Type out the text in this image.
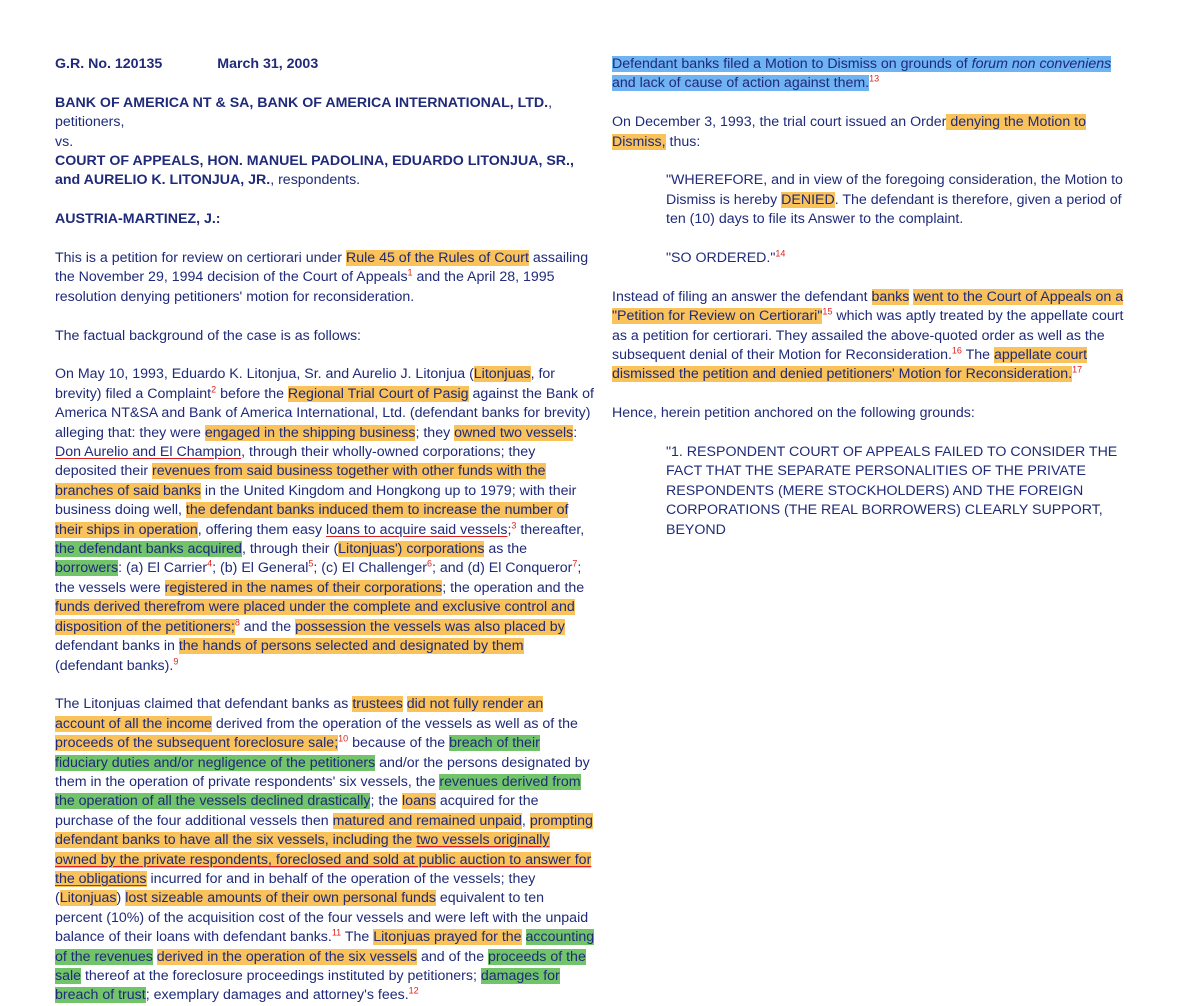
G.R. No. 120135	March 31, 2003

BANK OF AMERICA NT & SA, BANK OF AMERICA INTERNATIONAL, LTD., petitioners,
vs.
COURT OF APPEALS, HON. MANUEL PADOLINA, EDUARDO LITONJUA, SR., and AURELIO K. LITONJUA, JR., respondents.

AUSTRIA-MARTINEZ, J.:

This is a petition for review on certiorari under Rule 45 of the Rules of Court assailing the November 29, 1994 decision of the Court of Appeals$^1$ and the April 28, 1995 resolution denying petitioners' motion for reconsideration.

The factual background of the case is as follows:

On May 10, 1993, Eduardo K. Litonjua, Sr. and Aurelio J. Litonjua (Litonjuas, for brevity) filed a Complaint$^2$ before the Regional Trial Court of Pasig against the Bank of America NT&SA and Bank of America International, Ltd. (defendant banks for brevity) alleging that: they were engaged in the shipping business; they owned two vessels: Don Aurelio and El Champion, through their wholly-owned corporations; they deposited their revenues from said business together with other funds with the branches of said banks in the United Kingdom and Hongkong up to 1979; with their business doing well, the defendant banks induced them to increase the number of their ships in operation, offering them easy loans to acquire said vessels;$^3$ thereafter, the defendant banks acquired, through their (Litonjuas') corporations as the borrowers: (a) El Carrier$^4$; (b) El General$^5$; (c) El Challenger$^6$; and (d) El Conqueror$^7$; the vessels were registered in the names of their corporations; the operation and the funds derived therefrom were placed under the complete and exclusive control and disposition of the petitioners;$^8$ and the possession the vessels was also placed by defendant banks in the hands of persons selected and designated by them (defendant banks).$^9$

The Litonjuas claimed that defendant banks as trustees did not fully render an account of all the income derived from the operation of the vessels as well as of the proceeds of the subsequent foreclosure sale;$^{10}$ because of the breach of their fiduciary duties and/or negligence of the petitioners and/or the persons designated by them in the operation of private respondents' six vessels, the revenues derived from the operation of all the vessels declined drastically; the loans acquired for the purchase of the four additional vessels then matured and remained unpaid, prompting defendant banks to have all the six vessels, including the two vessels originally owned by the private respondents, foreclosed and sold at public auction to answer for the obligations incurred for and in behalf of the operation of the vessels; they (Litonjuas) lost sizeable amounts of their own personal funds equivalent to ten percent (10%) of the acquisition cost of the four vessels and were left with the unpaid balance of their loans with defendant banks.$^{11}$ The Litonjuas prayed for the accounting of the revenues derived in the operation of the six vessels and of the proceeds of the sale thereof at the foreclosure proceedings instituted by petitioners; damages for breach of trust; exemplary damages and attorney's fees.$^{12}$

Defendant banks filed a Motion to Dismiss on grounds of forum non conveniens and lack of cause of action against them.$^{13}$

On December 3, 1993, the trial court issued an Order denying the Motion to Dismiss, thus:

"WHEREFORE, and in view of the foregoing consideration, the Motion to Dismiss is hereby DENIED. The defendant is therefore, given a period of ten (10) days to file its Answer to the complaint.

"SO ORDERED."$^{14}$

Instead of filing an answer the defendant banks went to the Court of Appeals on a "Petition for Review on Certiorari"$^{15}$ which was aptly treated by the appellate court as a petition for certiorari. They assailed the above-quoted order as well as the subsequent denial of their Motion for Reconsideration.$^{16}$ The appellate court dismissed the petition and denied petitioners' Motion for Reconsideration.$^{17}$

Hence, herein petition anchored on the following grounds:

"1. RESPONDENT COURT OF APPEALS FAILED TO CONSIDER THE FACT THAT THE SEPARATE PERSONALITIES OF THE PRIVATE RESPONDENTS (MERE STOCKHOLDERS) AND THE FOREIGN CORPORATIONS (THE REAL BORROWERS) CLEARLY SUPPORT, BEYOND
